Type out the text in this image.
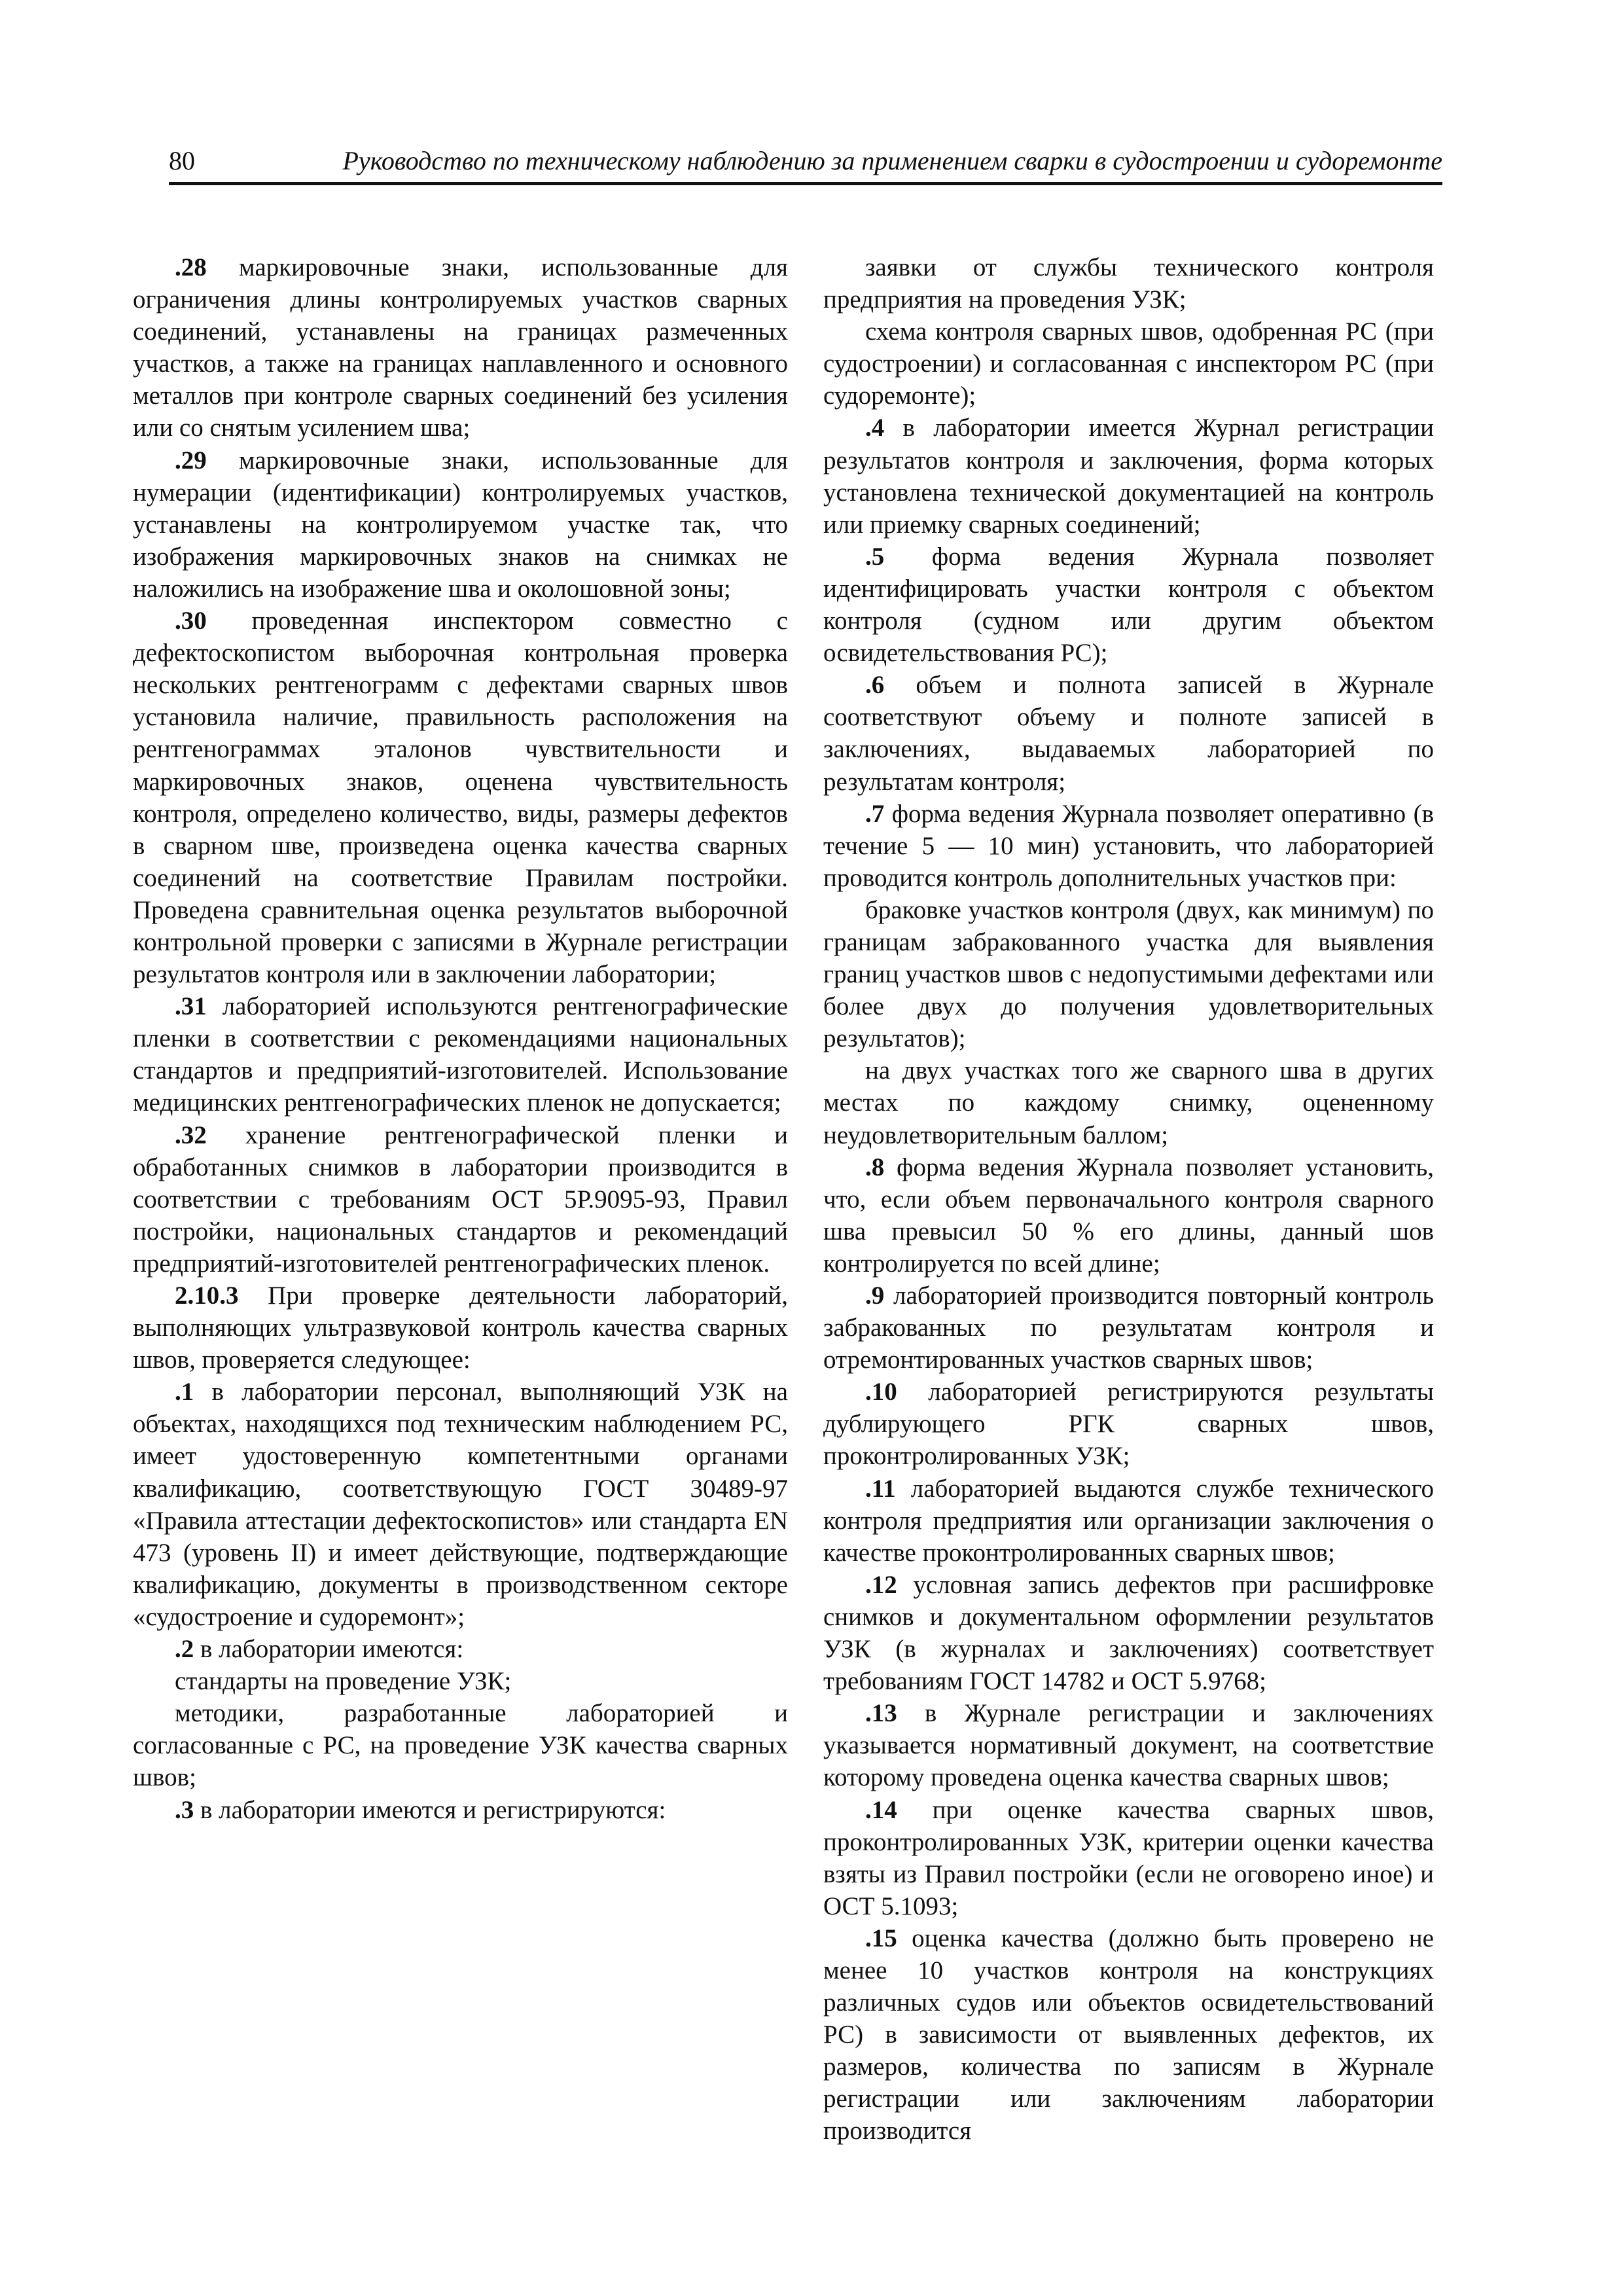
80	Руководство по техническому наблюдению за применением сварки в судостроении и судоремонте

.28 маркировочные знаки, использованные для ограничения длины контролируемых участков сварных соединений, устанавлены на границах размеченных участков, а также на границах наплавленного и основного металлов при контроле сварных соединений без усиления или со снятым усилением шва;

.29 маркировочные знаки, использованные для нумерации (идентификации) контролируемых участков, устанавлены на контролируемом участке так, что изображения маркировочных знаков на снимках не наложились на изображение шва и околошовной зоны;

.30 проведенная инспектором совместно с дефектоскопистом выборочная контрольная проверка нескольких рентгенограмм с дефектами сварных швов установила наличие, правильность расположения на рентгенограммах эталонов чувствительности и маркировочных знаков, оценена чувствительность контроля, определено количество, виды, размеры дефектов в сварном шве, произведена оценка качества сварных соединений на соответствие Правилам постройки. Проведена сравнительная оценка результатов выборочной контрольной проверки с записями в Журнале регистрации результатов контроля или в заключении лаборатории;

.31 лабораторией используются рентгенографические пленки в соответствии с рекомендациями национальных стандартов и предприятий-изготовителей. Использование медицинских рентгенографических пленок не допускается;

.32 хранение рентгенографической пленки и обработанных снимков в лаборатории производится в соответствии с требованиям ОСТ 5Р.9095-93, Правил постройки, национальных стандартов и рекомендаций предприятий-изготовителей рентгенографических пленок.

2.10.3 При проверке деятельности лабораторий, выполняющих ультразвуковой контроль качества сварных швов, проверяется следующее:

.1 в лаборатории персонал, выполняющий УЗК на объектах, находящихся под техническим наблюдением РС, имеет удостоверенную компетентными органами квалификацию, соответствующую ГОСТ 30489-97 «Правила аттестации дефектоскопистов» или стандарта EN 473 (уровень II) и имеет действующие, подтверждающие квалификацию, документы в производственном секторе «судостроение и судоремонт»;

.2 в лаборатории имеются:

стандарты на проведение УЗК;

методики, разработанные лабораторией и согласованные с РС, на проведение УЗК качества сварных швов;

.3 в лаборатории имеются и регистрируются:

заявки от службы технического контроля предприятия на проведения УЗК;

схема контроля сварных швов, одобренная РС (при судостроении) и согласованная с инспектором РС (при судоремонте);

.4 в лаборатории имеется Журнал регистрации результатов контроля и заключения, форма которых установлена технической документацией на контроль или приемку сварных соединений;

.5 форма ведения Журнала позволяет идентифицировать участки контроля с объектом контроля (судном или другим объектом освидетельствования РС);

.6 объем и полнота записей в Журнале соответствуют объему и полноте записей в заключениях, выдаваемых лабораторией по результатам контроля;

.7 форма ведения Журнала позволяет оперативно (в течение 5 — 10 мин) установить, что лабораторией проводится контроль дополнительных участков при:

браковке участков контроля (двух, как минимум) по границам забракованного участка для выявления границ участков швов с недопустимыми дефектами или более двух до получения удовлетворительных результатов);

на двух участках того же сварного шва в других местах по каждому снимку, оцененному неудовлетворительным баллом;

.8 форма ведения Журнала позволяет установить, что, если объем первоначального контроля сварного шва превысил 50 % его длины, данный шов контролируется по всей длине;

.9 лабораторией производится повторный контроль забракованных по результатам контроля и отремонтированных участков сварных швов;

.10 лабораторией регистрируются результаты дублирующего РГК сварных швов, проконтролированных УЗК;

.11 лабораторией выдаются службе технического контроля предприятия или организации заключения о качестве проконтролированных сварных швов;

.12 условная запись дефектов при расшифровке снимков и документальном оформлении результатов УЗК (в журналах и заключениях) соответствует требованиям ГОСТ 14782 и ОСТ 5.9768;

.13 в Журнале регистрации и заключениях указывается нормативный документ, на соответствие которому проведена оценка качества сварных швов;

.14 при оценке качества сварных швов, проконтролированных УЗК, критерии оценки качества взяты из Правил постройки (если не оговорено иное) и ОСТ 5.1093;

.15 оценка качества (должно быть проверено не менее 10 участков контроля на конструкциях различных судов или объектов освидетельствований РС) в зависимости от выявленных дефектов, их размеров, количества по записям в Журнале регистрации или заключениям лаборатории производится
